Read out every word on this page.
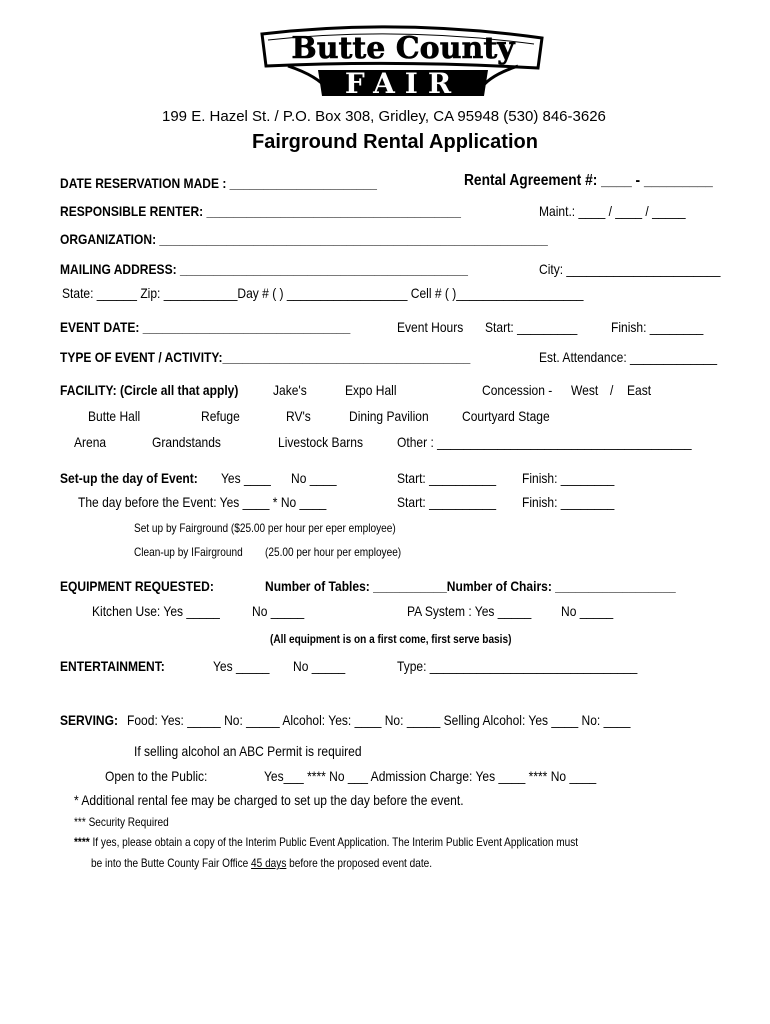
Butte County
FAIR
199 E. Hazel St. / P.O. Box 308, Gridley, CA 95948 (530) 846-3626
Fairground Rental Application
DATE RESERVATION MADE : ______________________	Rental Agreement #: ____ - _________
RESPONSIBLE RENTER: ______________________________________	Maint.: ____ / ____ / _____
ORGANIZATION: __________________________________________________________
MAILING ADDRESS: ___________________________________________	City: _______________________
State: ______ Zip: ___________Day # ( ) __________________ Cell # ( )___________________
EVENT DATE: _______________________________	Event Hours Start: _________ Finish: ________
TYPE OF EVENT / ACTIVITY:_____________________________________	Est. Attendance: _____________
FACILITY: (Circle all that apply) Jake's	Expo Hall	Concession - West / East
Butte Hall	Refuge	RV's	Dining Pavilion Courtyard Stage
Arena	Grandstands	Livestock Barns Other : ______________________________________
Set-up the day of Event: Yes ____ No ____	Start: __________ Finish: ________
The day before the Event: Yes ____ * No ____	Start: __________ Finish: ________
Set up by Fairground ($25.00 per hour per eper employee)
Clean-up by IFairground (25.00 per hour per employee)
EQUIPMENT REQUESTED:	Number of Tables: ___________Number of Chairs: __________________
Kitchen Use: Yes _____ No _____	PA System : Yes _____ No _____
(All equipment is on a first come, first serve basis)
ENTERTAINMENT:	Yes _____ No _____	Type: _______________________________
SERVING: Food: Yes: _____ No: _____ Alcohol: Yes: ____ No: _____ Selling Alcohol: Yes ____ No: ____
If selling alcohol an ABC Permit is required
Open to the Public:	Yes___ **** No ___ Admission Charge: Yes ____ **** No ____
* Additional rental fee may be charged to set up the day before the event.
*** Security Required
**** If yes, please obtain a copy of the Interim Public Event Application. The Interim Public Event Application must
be into the Butte County Fair Office 45 days before the proposed event date.
